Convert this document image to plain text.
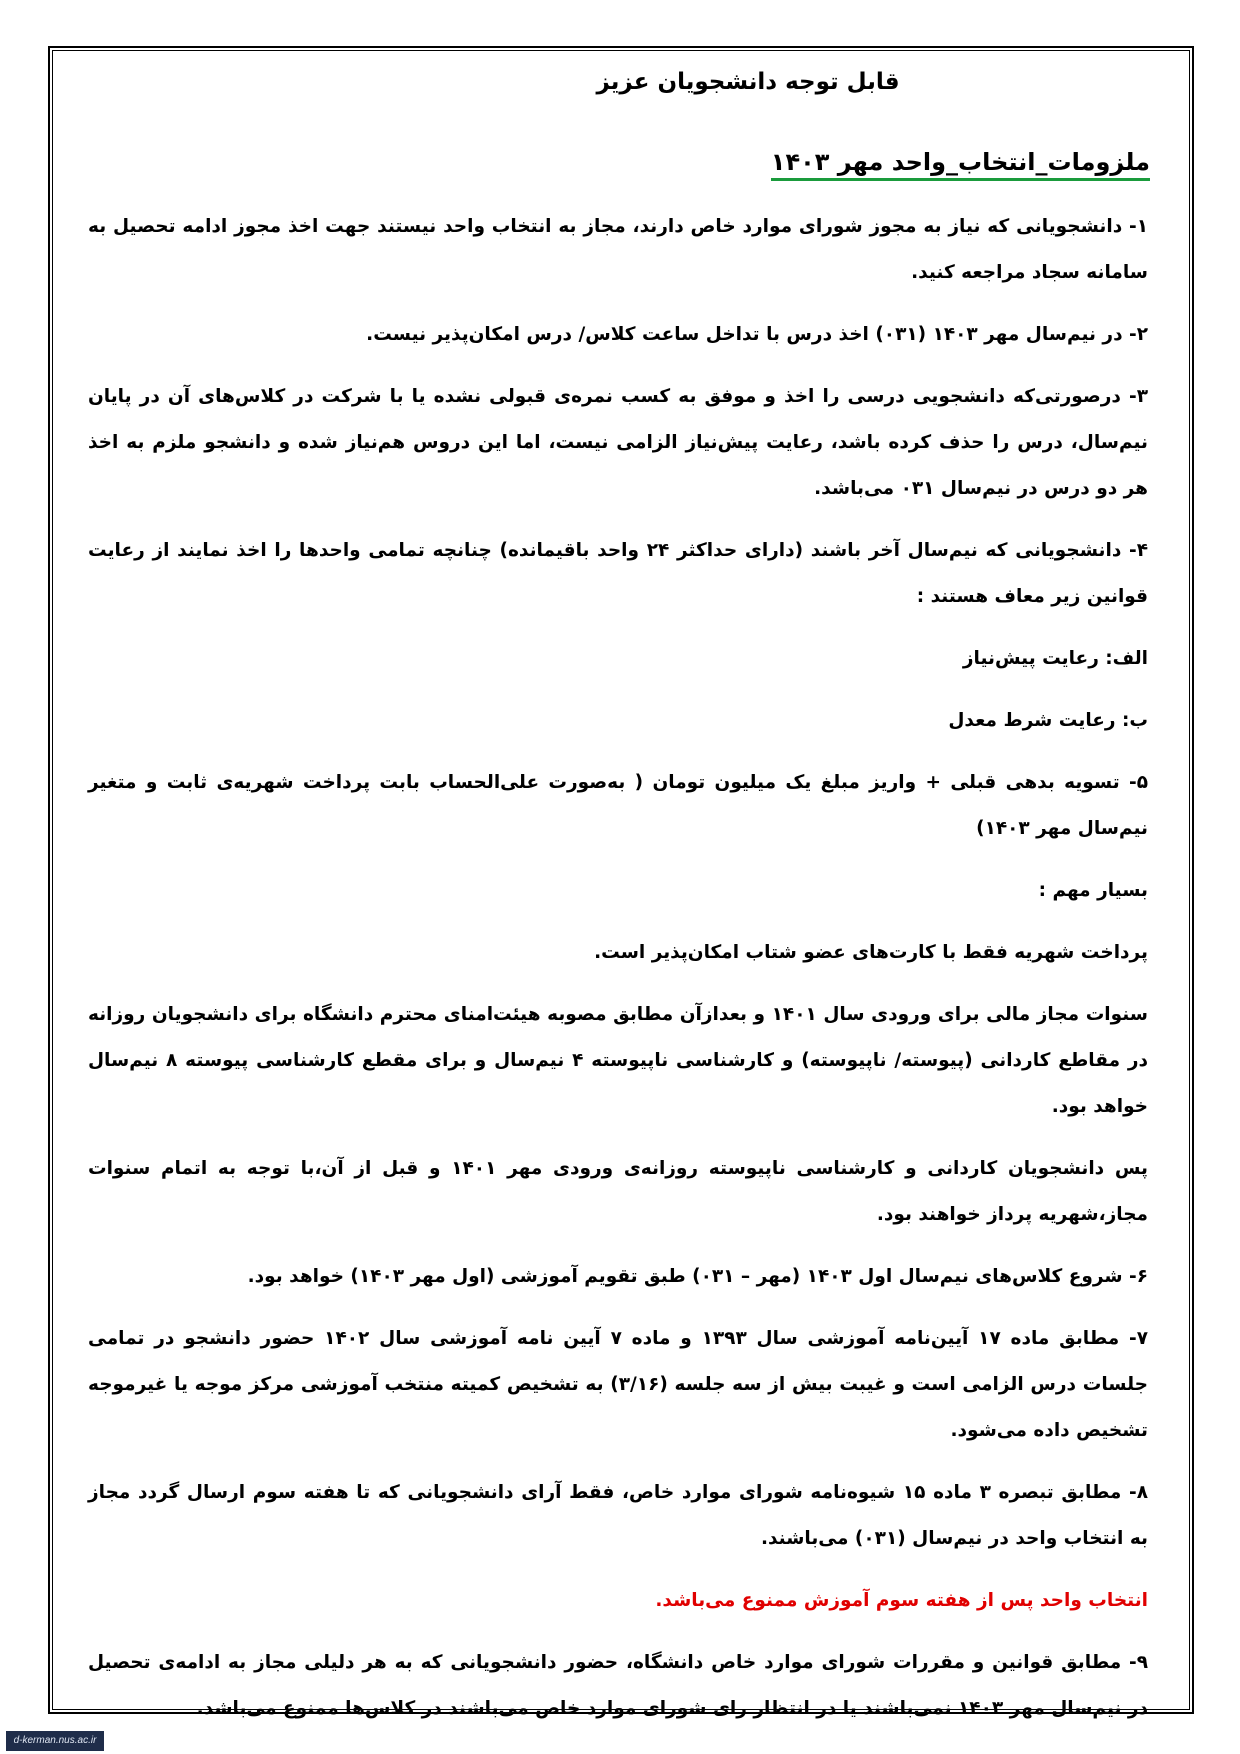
قابل توجه دانشجویان عزیز
ملزومات_انتخاب_واحد مهر ۱۴۰۳
۱- دانشجویانی که نیاز به مجوز شورای موارد خاص دارند، مجاز به انتخاب واحد نیستند جهت اخذ مجوز ادامه تحصیل به سامانه سجاد مراجعه کنید.
۲- در نیم‌سال مهر ۱۴۰۳ (۰۳۱) اخذ درس با تداخل ساعت کلاس/ درس امکان‌پذیر نیست.
۳- درصورتی‌که دانشجویی درسی را اخذ و موفق به کسب نمره‌ی قبولی نشده یا با شرکت در کلاس‌های آن در پایان نیم‌سال، درس را حذف کرده باشد، رعایت پیش‌نیاز الزامی نیست، اما این دروس هم‌نیاز شده و دانشجو ملزم به اخذ هر دو درس در نیم‌سال ۰۳۱ می‌باشد.
۴- دانشجویانی که نیم‌سال آخر باشند (دارای حداکثر ۲۴ واحد باقیمانده) چنانچه تمامی واحدها را اخذ نمایند از رعایت قوانین زیر معاف هستند :
الف: رعایت پیش‌نیاز
ب: رعایت شرط معدل
۵- تسویه بدهی قبلی + واریز مبلغ یک میلیون تومان ( به‌صورت علی‌الحساب بابت پرداخت شهریه‌ی ثابت و متغیر نیم‌سال مهر ۱۴۰۳)
بسیار مهم :
پرداخت شهریه فقط با کارت‌های عضو شتاب امکان‌پذیر است.
سنوات مجاز مالی برای ورودی سال ۱۴۰۱ و بعدازآن مطابق مصوبه هیئت‌امنای محترم دانشگاه برای دانشجویان روزانه در مقاطع کاردانی (پیوسته/ ناپیوسته) و کارشناسی ناپیوسته ۴ نیم‌سال و برای مقطع کارشناسی پیوسته ۸ نیم‌سال خواهد بود.
پس دانشجویان کاردانی و کارشناسی ناپیوسته روزانه‌ی ورودی مهر ۱۴۰۱ و قبل از آن،با توجه به اتمام سنوات مجاز،شهریه پرداز خواهند بود.
۶- شروع کلاس‌های نیم‌سال اول ۱۴۰۳ (مهر – ۰۳۱) طبق تقویم آموزشی (اول مهر ۱۴۰۳) خواهد بود.
۷- مطابق ماده ۱۷ آیین‌نامه آموزشی سال ۱۳۹۳ و ماده ۷ آیین نامه آموزشی سال ۱۴۰۲ حضور دانشجو در تمامی جلسات درس الزامی است و غیبت بیش از سه جلسه (۳/۱۶) به تشخیص کمیته منتخب آموزشی مرکز موجه یا غیرموجه تشخیص داده می‌شود.
۸- مطابق تبصره ۳ ماده ۱۵ شیوه‌نامه شورای موارد خاص، فقط آرای دانشجویانی که تا هفته سوم ارسال گردد مجاز به انتخاب واحد در نیم‌سال (۰۳۱) می‌باشند.
انتخاب واحد پس از هفته سوم آموزش ممنوع می‌باشد.
۹- مطابق قوانین و مقررات شورای موارد خاص دانشگاه، حضور دانشجویانی که به هر دلیلی مجاز به ادامه‌ی تحصیل در نیم‌سال مهر ۱۴۰۳ نمی‌باشند یا در انتظار رای شورای موارد خاص می‌باشند در کلاس‌ها ممنوع می‌باشد.
d-kerman.nus.ac.ir
